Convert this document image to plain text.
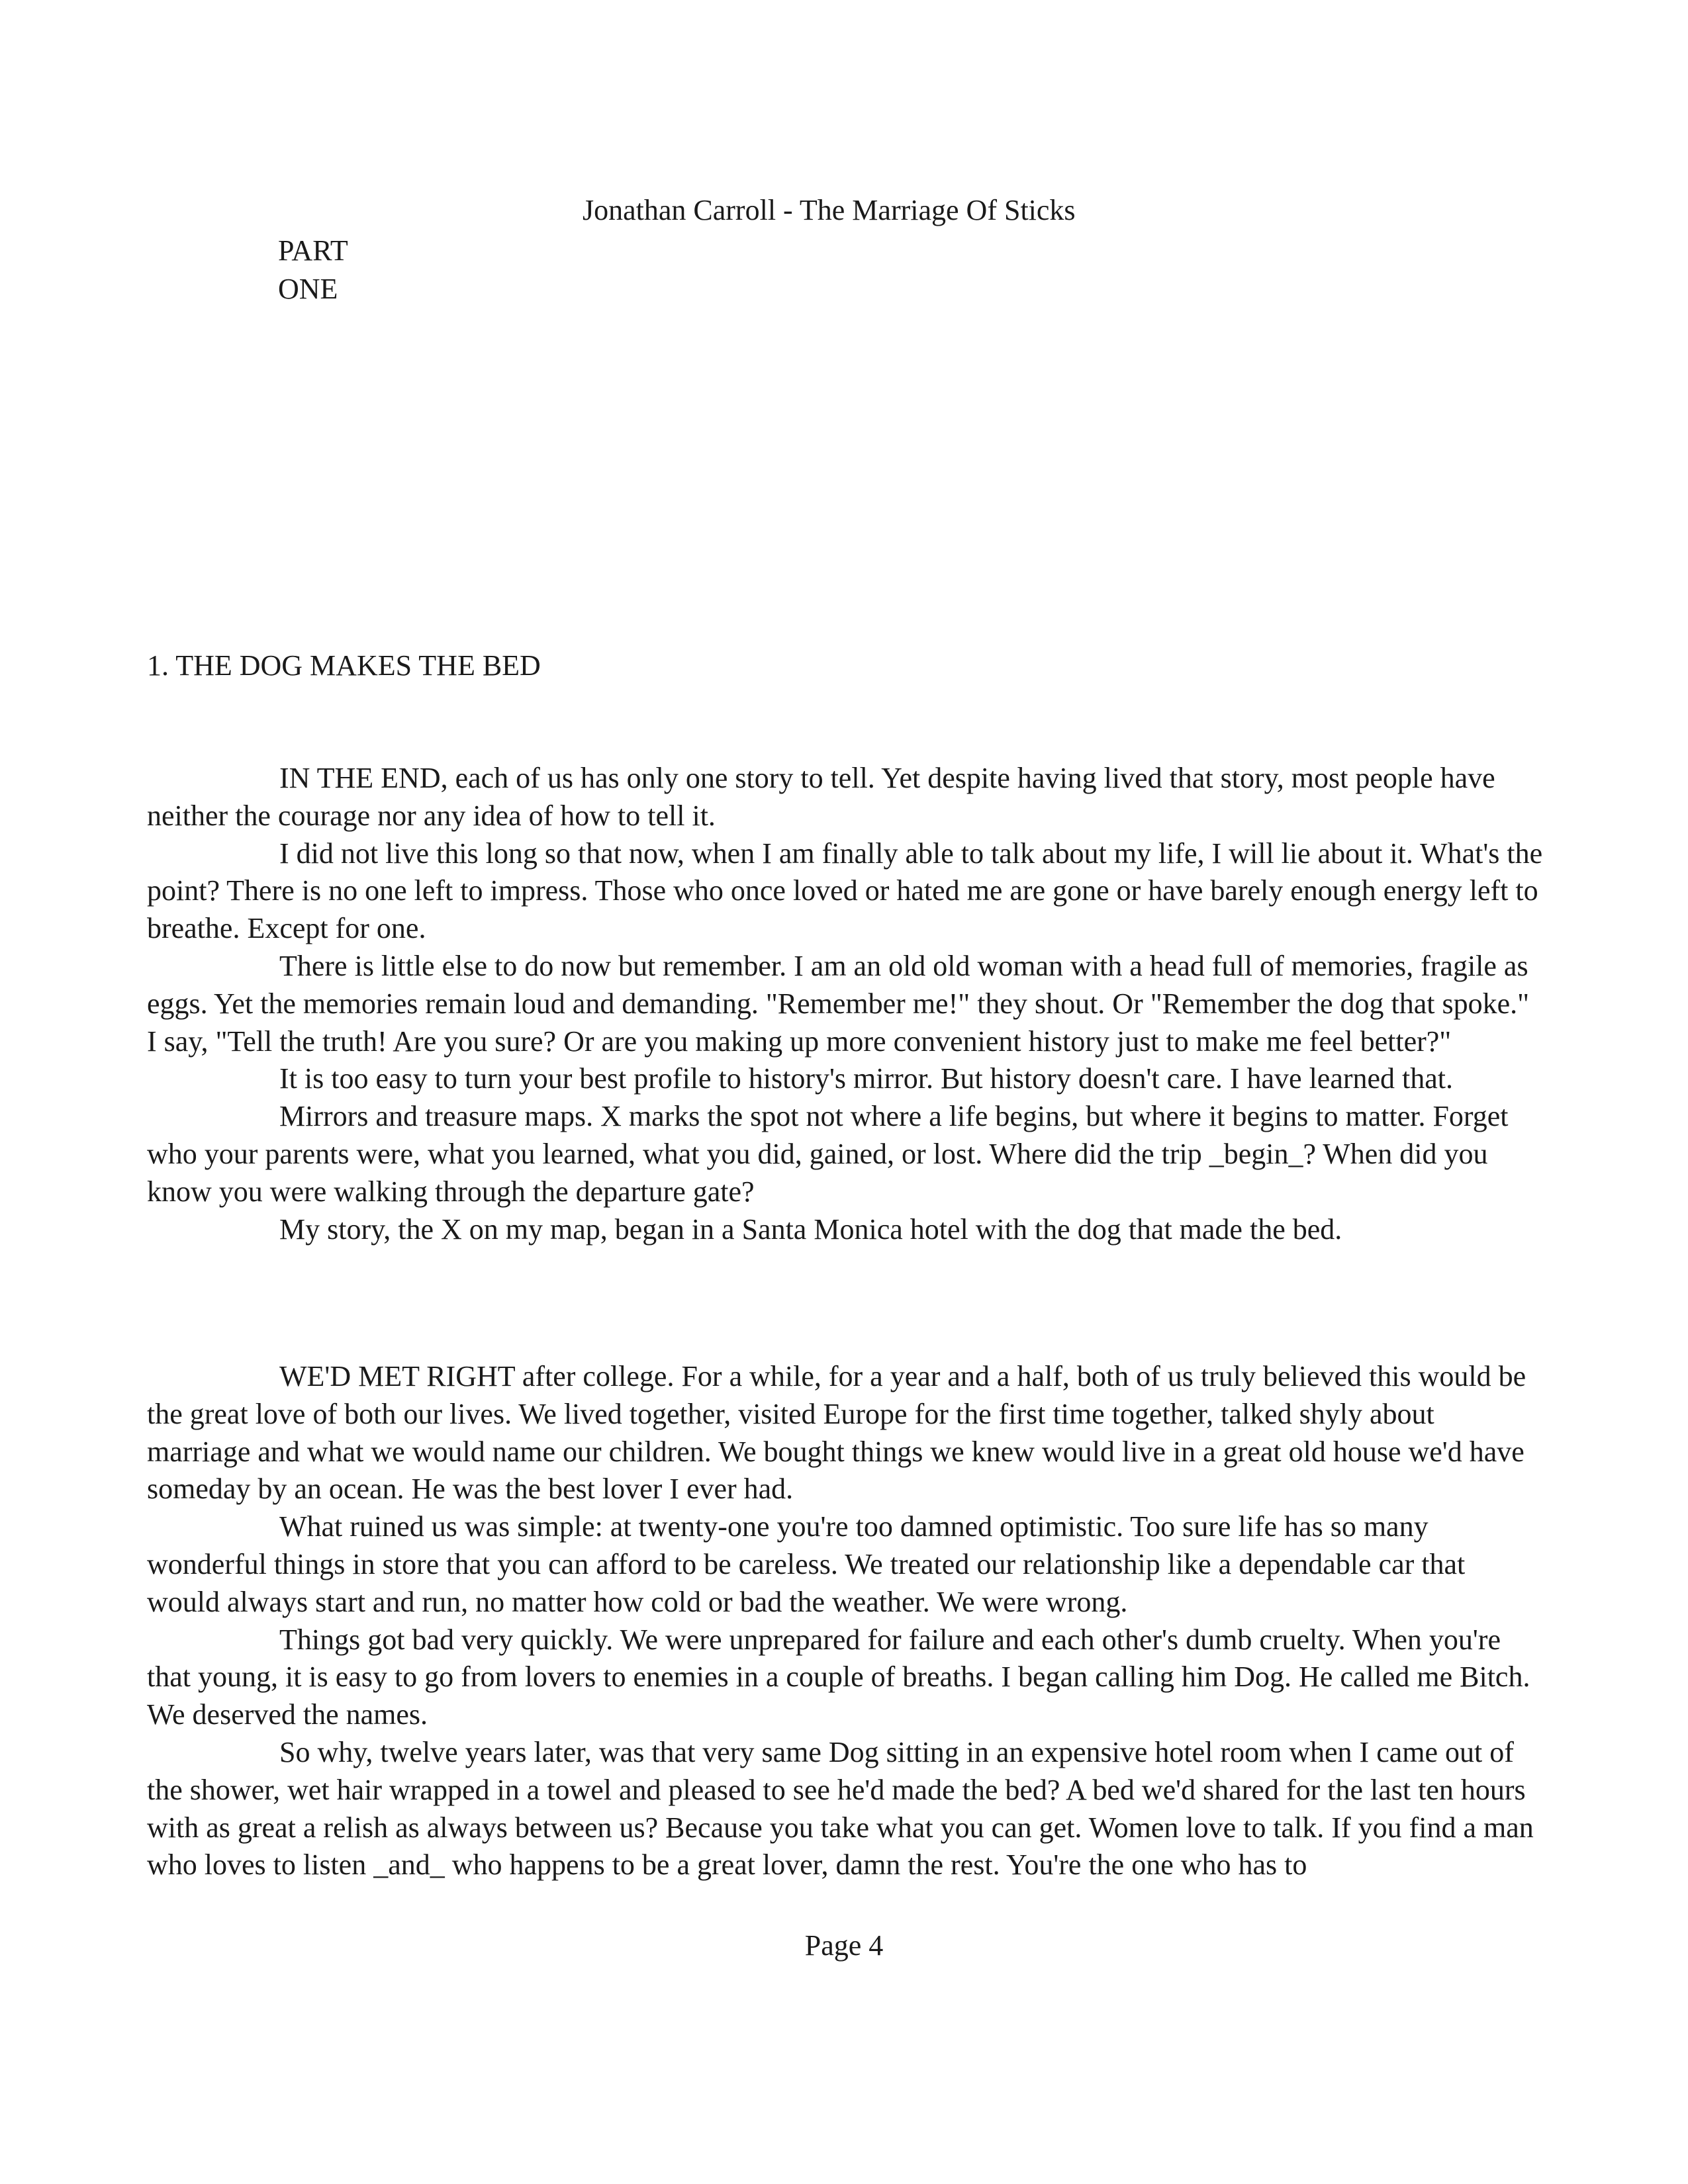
Jonathan Carroll - The Marriage Of Sticks
PART
ONE
1. THE DOG MAKES THE BED

IN THE END, each of us has only one story to tell. Yet despite having lived that story, most people have neither the courage nor any idea of how to tell it.

I did not live this long so that now, when I am finally able to talk about my life, I will lie about it. What's the point? There is no one left to impress. Those who once loved or hated me are gone or have barely enough energy left to breathe. Except for one.

There is little else to do now but remember. I am an old old woman with a head full of memories, fragile as eggs. Yet the memories remain loud and demanding. "Remember me!" they shout. Or "Remember the dog that spoke." I say, "Tell the truth! Are you sure? Or are you making up more convenient history just to make me feel better?"

It is too easy to turn your best profile to history's mirror. But history doesn't care. I have learned that.

Mirrors and treasure maps. X marks the spot not where a life begins, but where it begins to matter. Forget who your parents were, what you learned, what you did, gained, or lost. Where did the trip _begin_? When did you know you were walking through the departure gate?

My story, the X on my map, began in a Santa Monica hotel with the dog that made the bed.

WE'D MET RIGHT after college. For a while, for a year and a half, both of us truly believed this would be the great love of both our lives. We lived together, visited Europe for the first time together, talked shyly about marriage and what we would name our children. We bought things we knew would live in a great old house we'd have someday by an ocean. He was the best lover I ever had.

What ruined us was simple: at twenty-one you're too damned optimistic. Too sure life has so many wonderful things in store that you can afford to be careless. We treated our relationship like a dependable car that would always start and run, no matter how cold or bad the weather. We were wrong.

Things got bad very quickly. We were unprepared for failure and each other's dumb cruelty. When you're that young, it is easy to go from lovers to enemies in a couple of breaths. I began calling him Dog. He called me Bitch. We deserved the names.

So why, twelve years later, was that very same Dog sitting in an expensive hotel room when I came out of the shower, wet hair wrapped in a towel and pleased to see he'd made the bed? A bed we'd shared for the last ten hours with as great a relish as always between us? Because you take what you can get. Women love to talk. If you find a man who loves to listen _and_ who happens to be a great lover, damn the rest. You're the one who has to

Page 4
